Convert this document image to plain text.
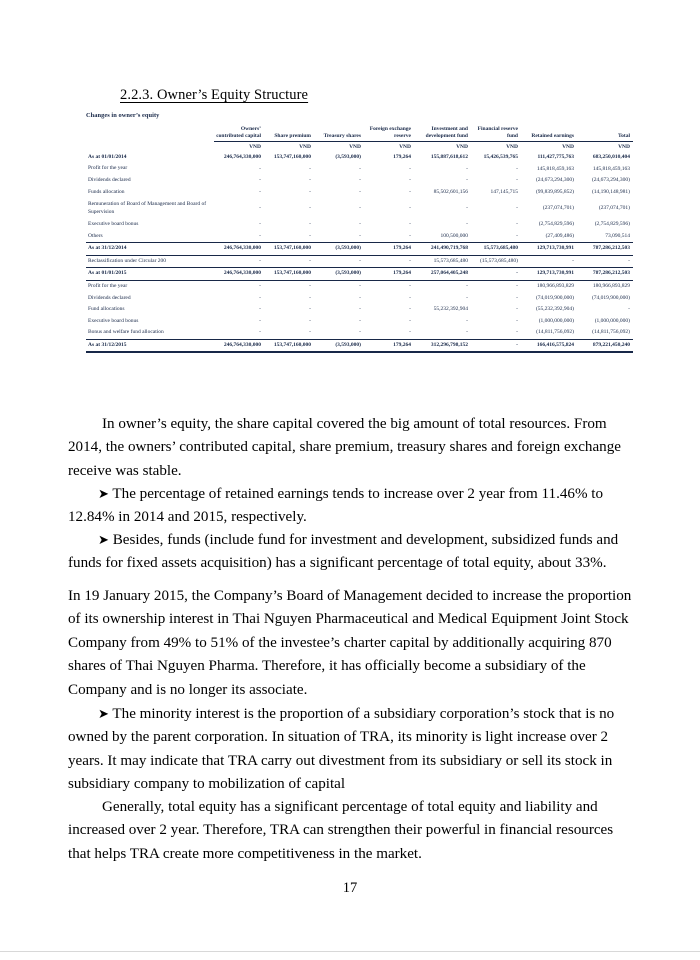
2.2.3. Owner’s Equity Structure
Changes in owner’s equity
	Owners’ contributed capital	Share premium	Treasury shares	Foreign exchange reserve	Investment and development fund	Financial reserve fund	Retained earnings	Total
	VND	VND	VND	VND	VND	VND	VND	VND
As at 01/01/2014	246,764,330,000	153,747,160,000	(3,593,000)	179,264	155,887,618,612	15,426,539,765	111,427,775,763	683,250,010,404
Profit for the year	-	-	-	-	-	-	145,818,459,163	145,818,459,163
Dividends declared	-	-	-	-	-	-	(24,673,294,300)	(24,673,294,300)
Funds allocation	-	-	-	-	85,502,601,156	147,145,715	(99,839,895,852)	(14,190,148,981)
Remuneration of Board of Management and Board of Supervision	-	-	-	-	-	-	(237,074,701)	(237,074,701)
Executive board bonus	-	-	-	-	-	-	(2,754,829,596)	(2,754,829,596)
Others	-	-	-	-	100,500,000	-	(27,409,486)	73,090,514
As at 31/12/2014	246,764,330,000	153,747,160,000	(3,593,000)	179,264	241,490,719,768	15,573,685,480	129,713,730,991	787,286,212,503
Reclassification under Circular 200	-	-	-	-	15,573,685,480	(15,573,685,480)	-	-
As at 01/01/2015	246,764,330,000	153,747,160,000	(3,593,000)	179,264	257,064,405,248	-	129,713,730,991	787,286,212,503
Profit for the year	-	-	-	-	-	-	180,966,893,829	180,966,893,829
Dividends declared	-	-	-	-	-	-	(74,019,900,000)	(74,019,900,000)
Fund allocations	-	-	-	-	55,232,392,904	-	(55,232,392,904)	-
Executive board bonus	-	-	-	-	-	-	(1,000,000,000)	(1,000,000,000)
Bonus and welfare fund allocation	-	-	-	-	-	-	(14,811,756,092)	(14,811,756,092)
As at 31/12/2015	246,764,330,000	153,747,160,000	(3,593,000)	179,264	312,296,798,152	-	166,416,575,824	879,221,450,240

In owner’s equity, the share capital covered the big amount of total resources. From 2014, the owners’ contributed capital, share premium, treasury shares and foreign exchange receive was stable.

➤ The percentage of retained earnings tends to increase over 2 year from 11.46% to 12.84% in 2014 and 2015, respectively.

➤ Besides, funds (include fund for investment and development, subsidized funds and funds for fixed assets acquisition) has a significant percentage of total equity, about 33%.

In 19 January 2015, the Company’s Board of Management decided to increase the proportion of its ownership interest in Thai Nguyen Pharmaceutical and Medical Equipment Joint Stock Company from 49% to 51% of the investee’s charter capital by additionally acquiring 870 shares of Thai Nguyen Pharma. Therefore, it has officially become a subsidiary of the Company and is no longer its associate.

➤ The minority interest is the proportion of a subsidiary corporation’s stock that is no owned by the parent corporation. In situation of TRA, its minority is light increase over 2 years. It may indicate that TRA carry out divestment from its subsidiary or sell its stock in subsidiary company to mobilization of capital

Generally, total equity has a significant percentage of total equity and liability and increased over 2 year. Therefore, TRA can strengthen their powerful in financial resources that helps TRA create more competitiveness in the market.

17
